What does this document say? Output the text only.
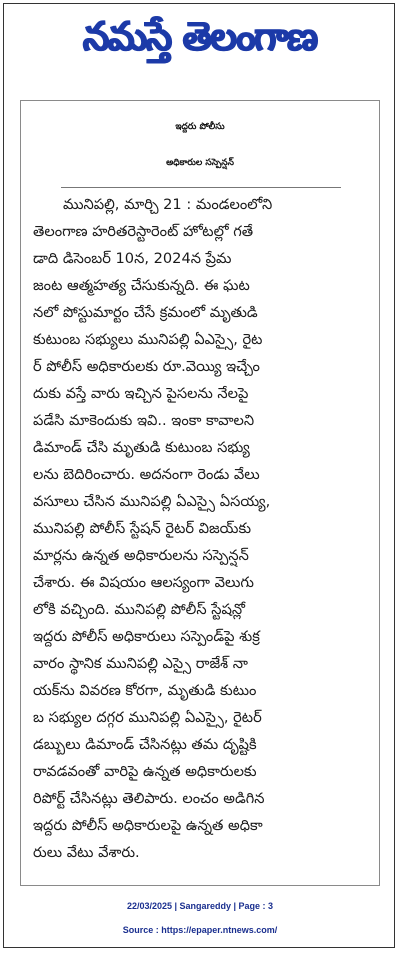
నమస్తే తెలంగాణ
ఇద్దరు పోలీసు
అధికారుల సస్పెన్షన్
మునిపల్లి, మార్చి 21 : మండలంలోని
తెలంగాణ హరితరెస్టారెంట్ హోటల్లో గతే
డాది డిసెంబర్ 10న, 2024న ప్రేమ
జంట ఆత్మహత్య చేసుకున్నది. ఈ ఘట
నలో పోస్టుమార్టం చేసే క్రమంలో మృతుడి
కుటుంబ సభ్యులు మునిపల్లి ఏఎస్సై, రైట
ర్ పోలీస్ అధికారులకు రూ.వెయ్యి ఇచ్చేం
దుకు వస్తే వారు ఇచ్చిన పైసలను నేలపై
పడేసి మాకెందుకు ఇవి.. ఇంకా కావాలని
డిమాండ్ చేసి మృతుడి కుటుంబ సభ్యు
లను బెదిరించారు. అదనంగా రెండు వేలు
వసూలు చేసిన మునిపల్లి ఏఎస్సై ఏసయ్య,
మునిపల్లి పోలీస్ స్టేషన్ రైటర్ విజయ్‌కు
మార్లను ఉన్నత అధికారులను సస్పెన్షన్
చేశారు. ఈ విషయం ఆలస్యంగా వెలుగు
లోకి వచ్చింది. మునిపల్లి పోలీస్ స్టేషన్లో
ఇద్దరు పోలీస్ అధికారులు సస్పెండ్‌పై శుక్ర
వారం స్థానిక మునిపల్లి ఎస్సై రాజేశ్ నా
యక్‌ను వివరణ కోరగా, మృతుడి కుటుం
బ సభ్యుల దగ్గర మునిపల్లి ఏఎస్సై, రైటర్
డబ్బులు డిమాండ్ చేసినట్లు తమ దృష్టికి
రావడవంతో వారిపై ఉన్నత అధికారులకు
రిపోర్ట్ చేసినట్లు తెలిపారు. లంచం అడిగిన
ఇద్దరు పోలీస్ అధికారులపై ఉన్నత అధికా
రులు వేటు వేశారు.
22/03/2025 | Sangareddy | Page : 3
Source : https://epaper.ntnews.com/
